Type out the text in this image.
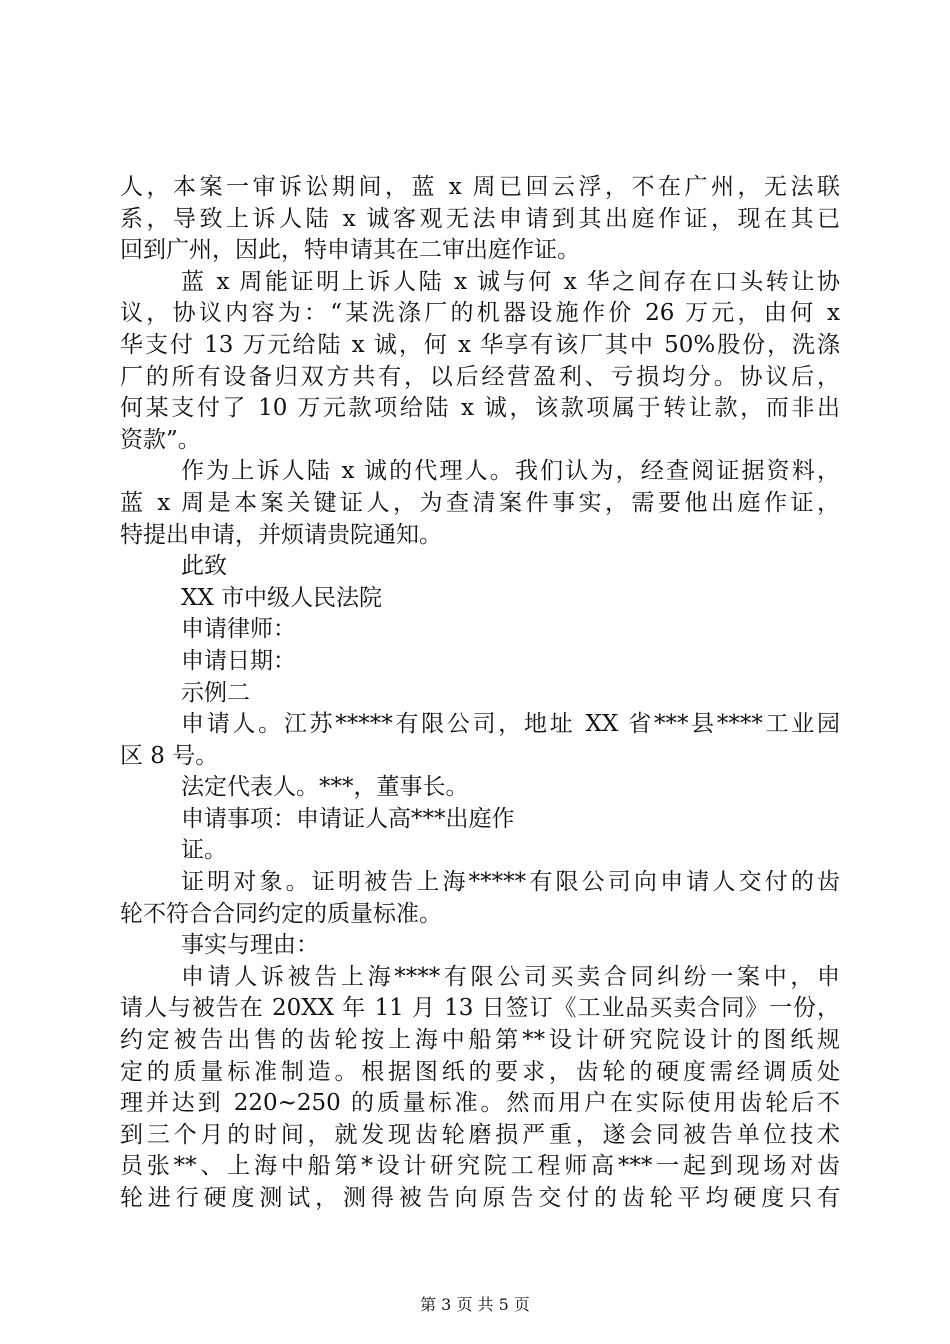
人，本案一审诉讼期间，蓝 x 周已回云浮，不在广州，无法联
系，导致上诉人陆 x 诚客观无法申请到其出庭作证，现在其已
回到广州，因此，特申请其在二审出庭作证。
蓝 x 周能证明上诉人陆 x 诚与何 x 华之间存在口头转让协
议，协议内容为：“某洗涤厂的机器设施作价 26 万元，由何 x
华支付 13 万元给陆 x 诚，何 x 华享有该厂其中 50%股份，洗涤
厂的所有设备归双方共有，以后经营盈利、亏损均分。协议后，
何某支付了 10 万元款项给陆 x 诚，该款项属于转让款，而非出
资款”。
作为上诉人陆 x 诚的代理人。我们认为，经查阅证据资料，
蓝 x 周是本案关键证人，为查清案件事实，需要他出庭作证，
特提出申请，并烦请贵院通知。
此致
XX 市中级人民法院
申请律师：
申请日期：
示例二
申请人。江苏*****有限公司，地址 XX 省***县****工业园
区 8 号。
法定代表人。***，董事长。
申请事项：申请证人高***出庭作
证。
证明对象。证明被告上海*****有限公司向申请人交付的齿
轮不符合合同约定的质量标准。
事实与理由：
申请人诉被告上海****有限公司买卖合同纠纷一案中，申
请人与被告在 20XX 年 11 月 13 日签订《工业品买卖合同》一份，
约定被告出售的齿轮按上海中船第**设计研究院设计的图纸规
定的质量标准制造。根据图纸的要求，齿轮的硬度需经调质处
理并达到 220~250 的质量标准。然而用户在实际使用齿轮后不
到三个月的时间，就发现齿轮磨损严重，遂会同被告单位技术
员张**、上海中船第*设计研究院工程师高***一起到现场对齿
轮进行硬度测试，测得被告向原告交付的齿轮平均硬度只有
第 3 页 共 5 页
